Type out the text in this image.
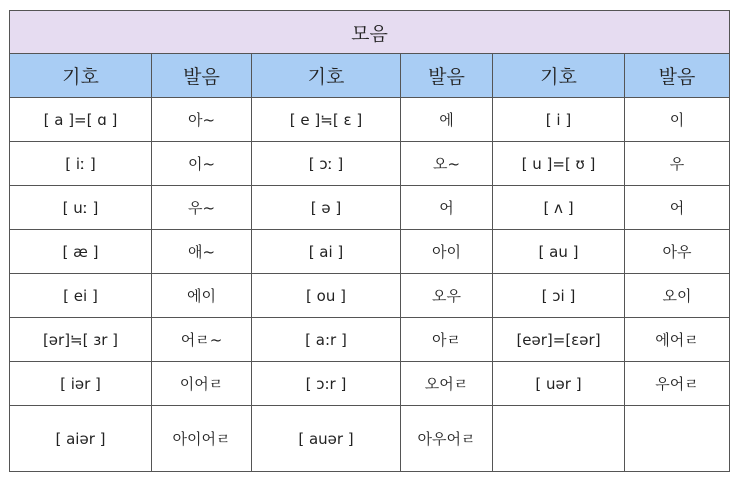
모음					
기호	발음	기호	발음	기호	발음
[ a ]=[ ɑ ]	아~	[ e ]≒[ ɛ ]	에	[ i ]	이
[ iː ]	이~	[ ɔː ]	오~	[ u ]=[ ʊ ]	우
[ uː ]	우~	[ ə ]	어	[ ʌ ]	어
[ æ ]	애~	[ ai ]	아이	[ au ]	아우
[ ei ]	에이	[ ou ]	오우	[ ɔi ]	오이
[ər]≒[ ɜr ]	어ㄹ~	[ a:r ]	아ㄹ	[eər]=[ɛər]	에어ㄹ
[ iər ]	이어ㄹ	[ ɔ:r ]	오어ㄹ	[ uər ]	우어ㄹ
[ aiər ]	아이어ㄹ	[ auər ]	아우어ㄹ		
